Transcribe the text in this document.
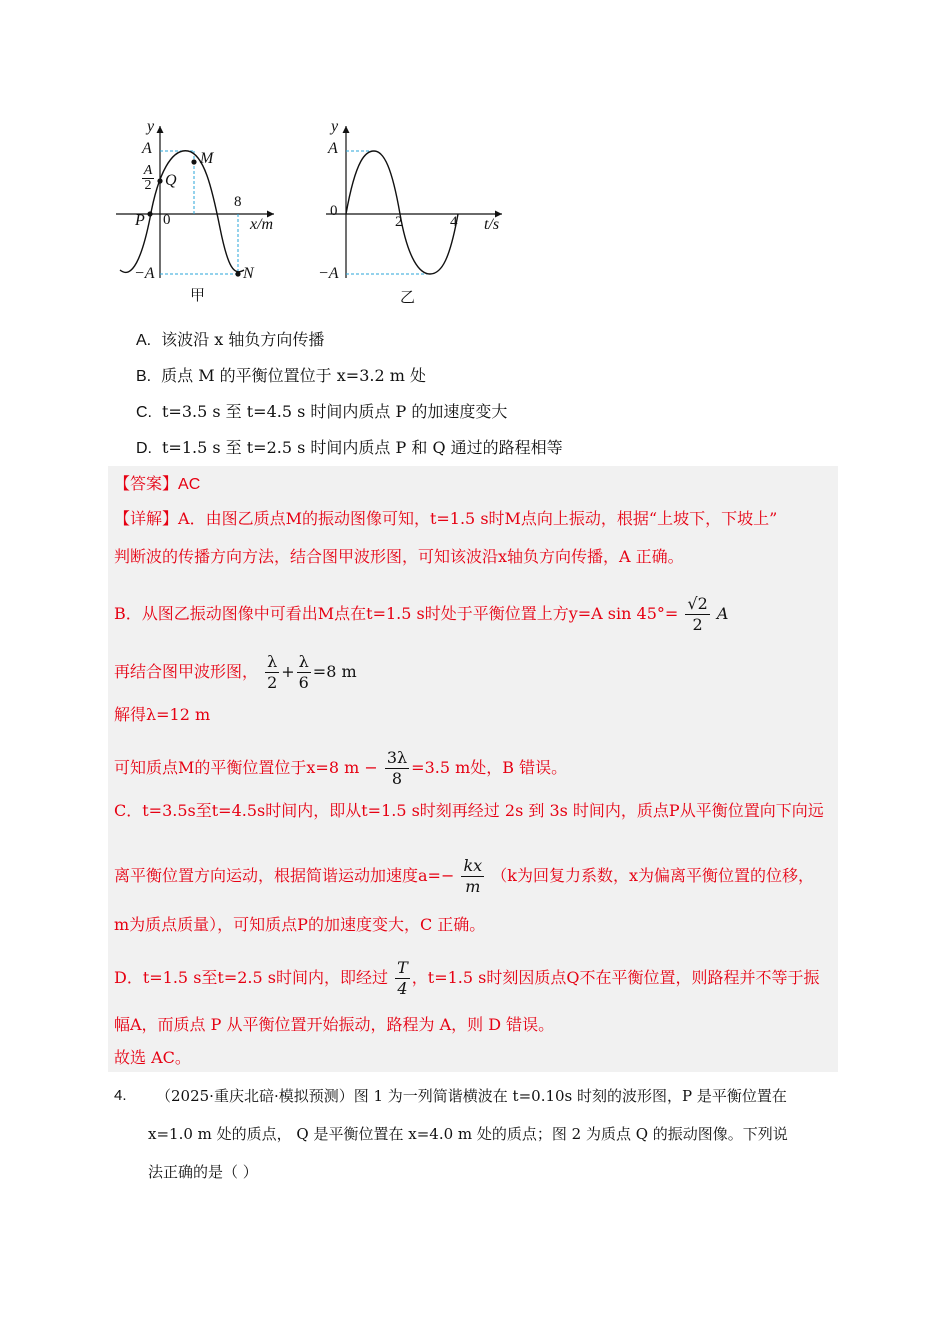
y
A
A
2 Q
M
P 0
8
x/m
−A	N
甲
y
A
0
2	4 t/s
−A
乙
A. 该波沿 x 轴负方向传播
B. 质点 M 的平衡位置位于 x=3.2 m 处
C. t=3.5 s 至 t=4.5 s 时间内质点 P 的加速度变大
D. t=1.5 s 至 t=2.5 s 时间内质点 P 和 Q 通过的路程相等
【答案】AC
【详解】A．由图乙质点M的振动图像可知，t=1.5 s时M点向上振动，根据“上坡下，下坡上”
判断波的传播方向方法，结合图甲波形图，可知该波沿x轴负方向传播，A 正确。
B．从图乙振动图像中可看出M点在t=1.5 s时处于平衡位置上方y=A $\sin 45^\circ= \frac{√2}{2}$ A
再结合图甲波形图， $\frac{\lambda}{2} + \frac{\lambda}{6} =8$ m
解得λ=12 m
可知质点M的平衡位置位于x=8 $m - \frac{3\lambda}{8} =3.5$ m处，B 错误。
C．t=3.5s至t=4.5s时间内，即从t=1.5 s时刻再经过 2s 到 3s 时间内，质点P从平衡位置向下向远
离平衡位置方向运动，根据简谐运动加速度$a=- \frac{kx}{m} (k$为回复力系数，x为偏离平衡位置的位移，
m为质点质量），可知质点P的加速度变大，C 正确。
D．t=1.5 s至t=2.5 s时间内，即经过 $\frac{T}{4}$ ，t=1.5 s时刻因质点Q不在平衡位置，则路程并不等于振
幅A，而质点 P 从平衡位置开始振动，路程为 A，则 D 错误。
故选 AC。
4. （2025·重庆北碚·模拟预测）图 1 为一列简谐横波在 t=0.10s 时刻的波形图，P 是平衡位置在
x=1.0 m 处的质点， Q 是平衡位置在 x=4.0 m 处的质点；图 2 为质点 Q 的振动图像。下列说
法正确的是（ ）
